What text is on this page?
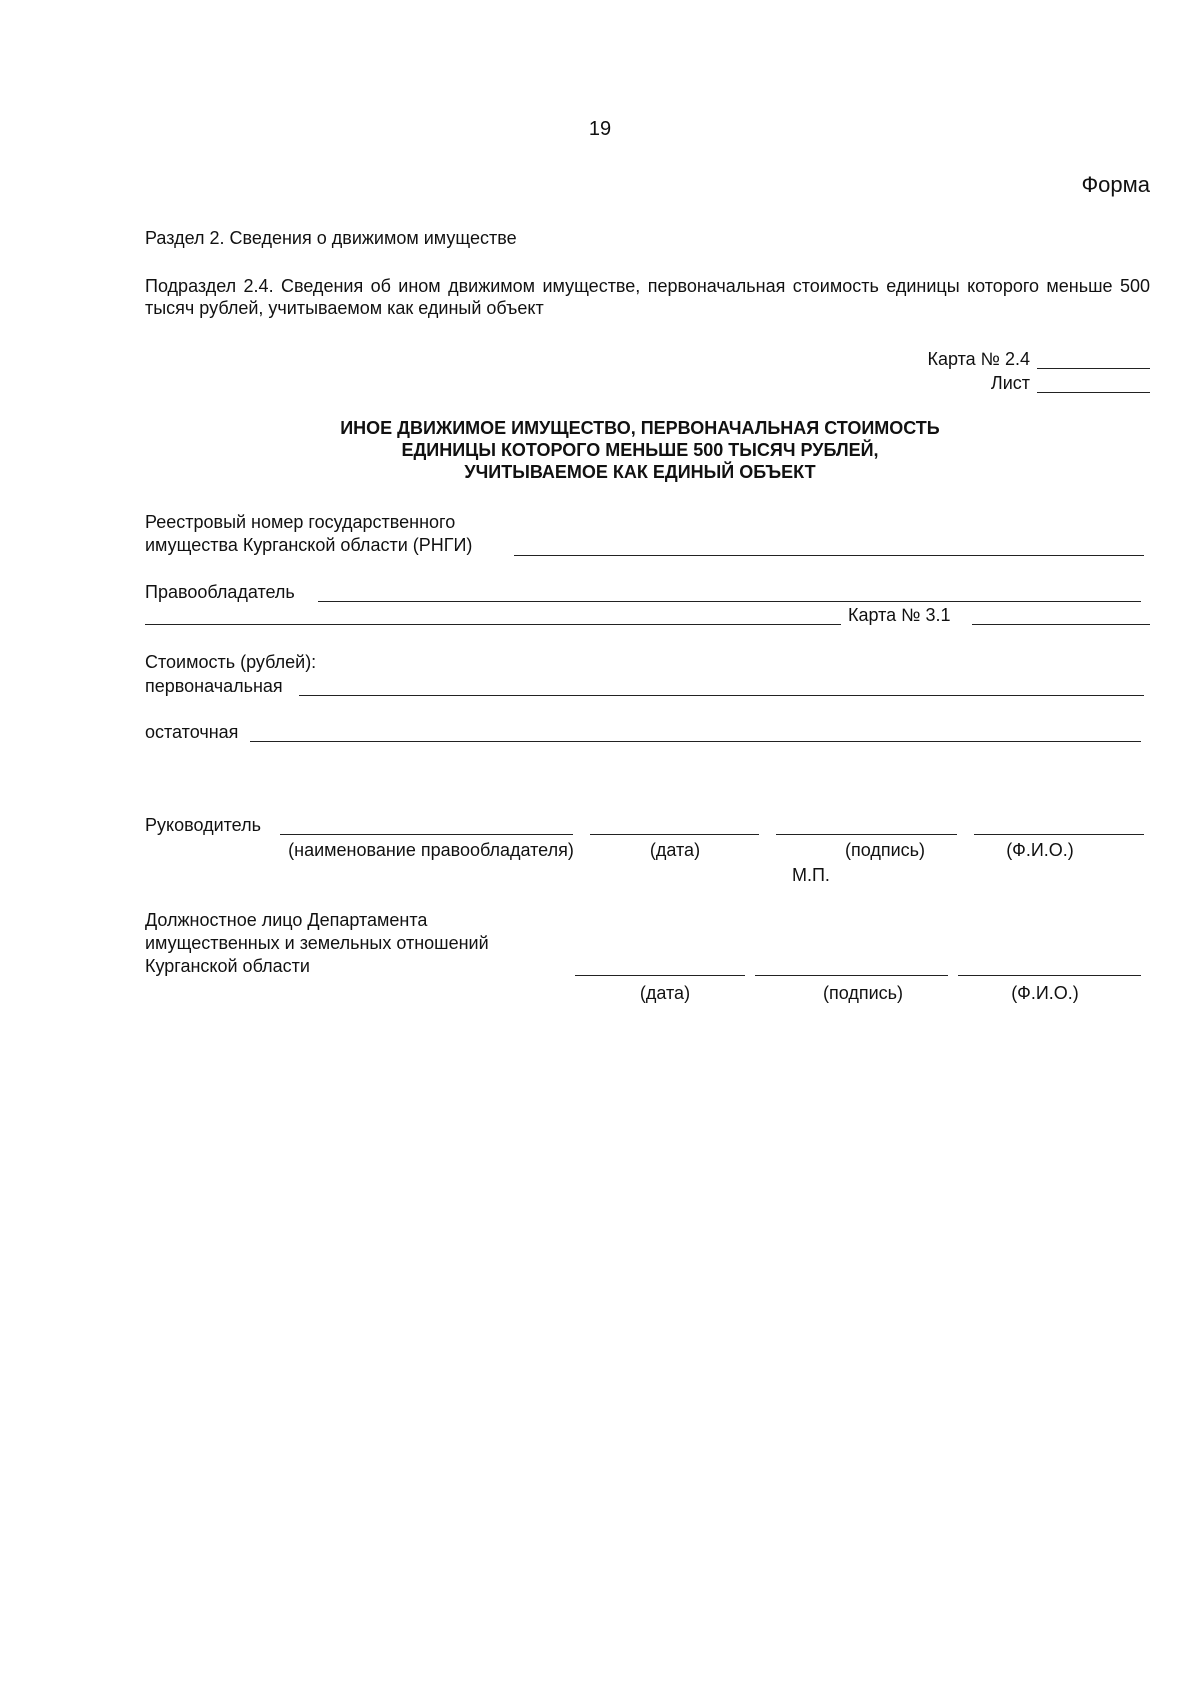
19
Форма
Раздел 2. Сведения о движимом имуществе
Подраздел 2.4. Сведения об ином движимом имуществе, первоначальная стоимость единицы которого меньше 500 тысяч рублей, учитываемом как единый объект
Карта № 2.4
Лист
ИНОЕ ДВИЖИМОЕ ИМУЩЕСТВО, ПЕРВОНАЧАЛЬНАЯ СТОИМОСТЬ
ЕДИНИЦЫ КОТОРОГО МЕНЬШЕ 500 ТЫСЯЧ РУБЛЕЙ,
УЧИТЫВАЕМОЕ КАК ЕДИНЫЙ ОБЪЕКТ
Реестровый номер государственного
имущества Курганской области (РНГИ)
Правообладатель
Карта № 3.1
Стоимость (рублей):
первоначальная
остаточная
Руководитель
(наименование правообладателя)	(дата)	(подпись)	(Ф.И.О.)
М.П.
Должностное лицо Департамента
имущественных и земельных отношений
Курганской области
(дата)	(подпись)	(Ф.И.О.)
